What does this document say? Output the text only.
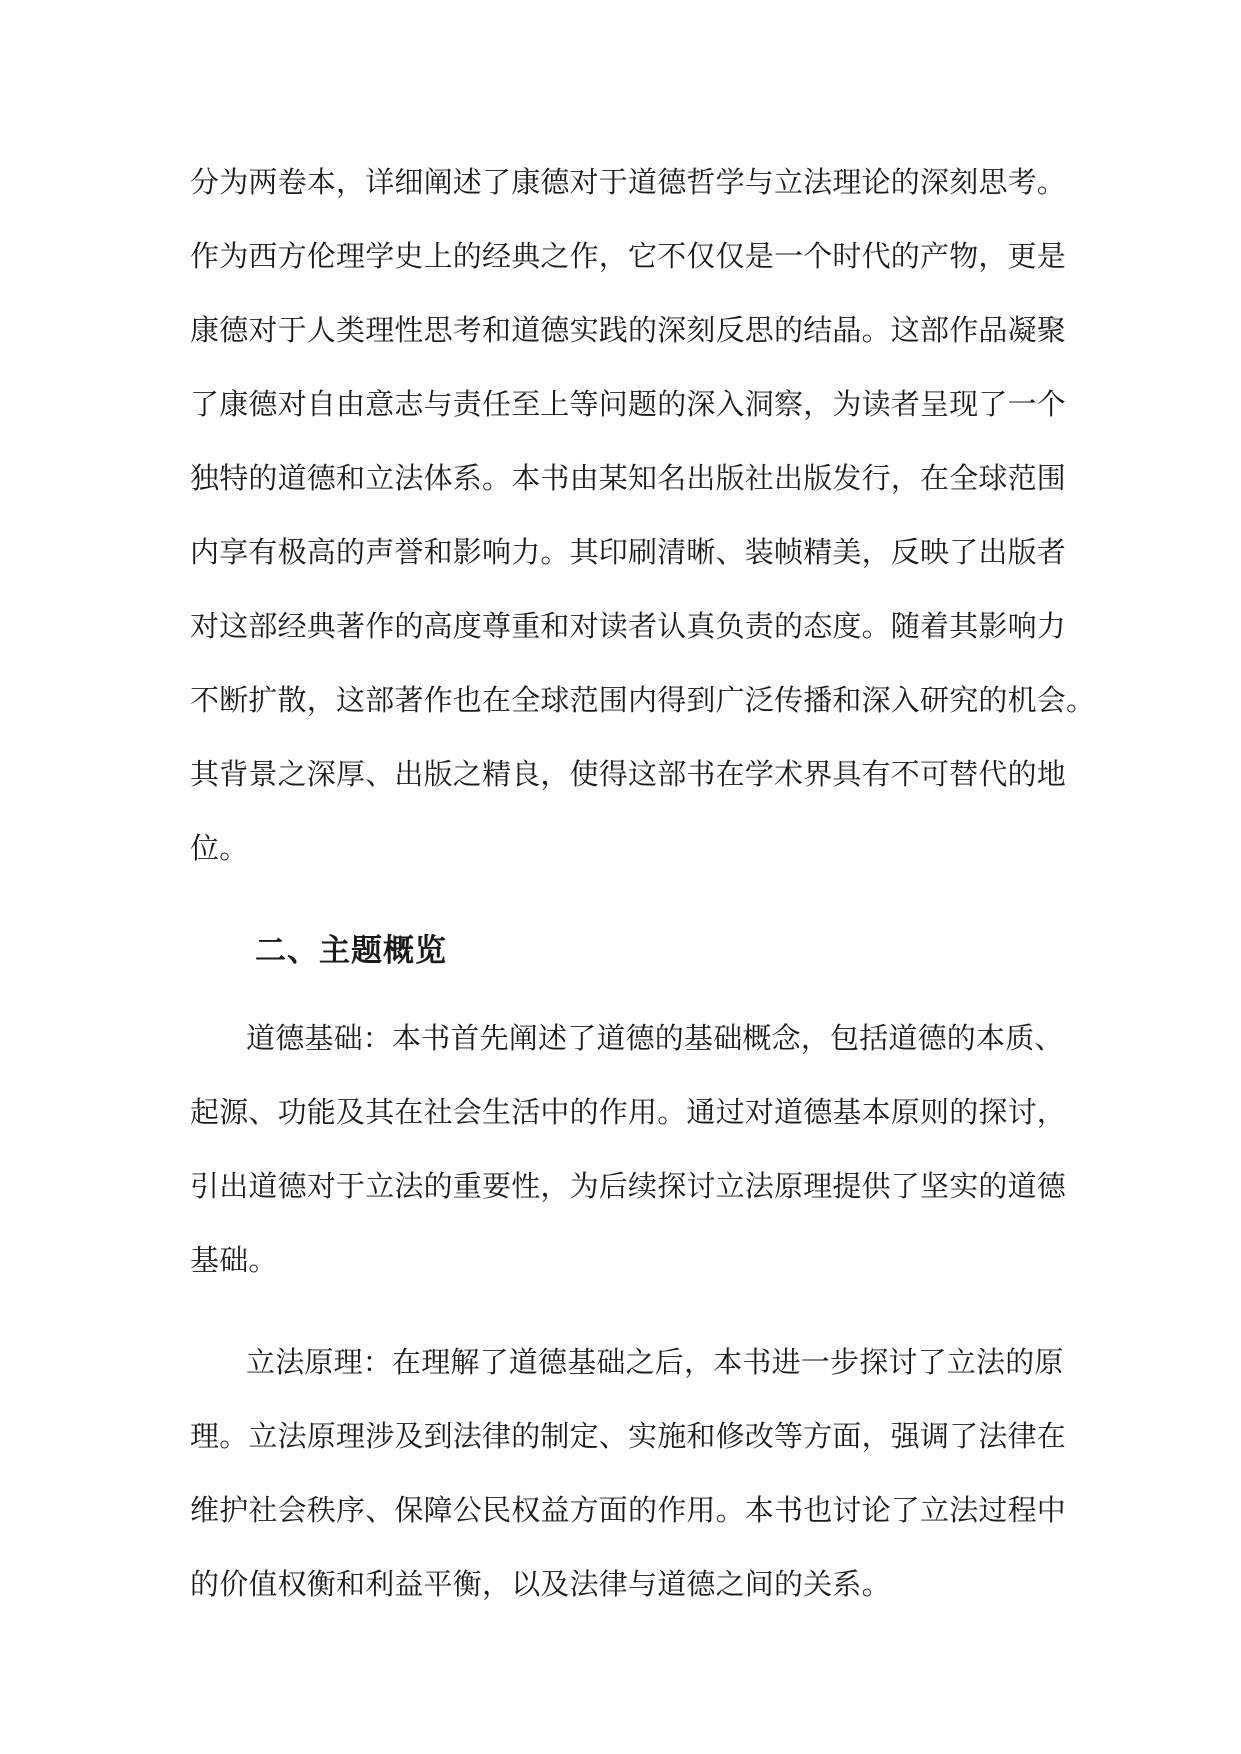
分为两卷本，详细阐述了康德对于道德哲学与立法理论的深刻思考。
作为西方伦理学史上的经典之作，它不仅仅是一个时代的产物，更是
康德对于人类理性思考和道德实践的深刻反思的结晶。这部作品凝聚
了康德对自由意志与责任至上等问题的深入洞察，为读者呈现了一个
独特的道德和立法体系。本书由某知名出版社出版发行，在全球范围
内享有极高的声誉和影响力。其印刷清晰、装帧精美，反映了出版者
对这部经典著作的高度尊重和对读者认真负责的态度。随着其影响力
不断扩散，这部著作也在全球范围内得到广泛传播和深入研究的机会。
其背景之深厚、出版之精良，使得这部书在学术界具有不可替代的地
位。
二、主题概览
道德基础：本书首先阐述了道德的基础概念，包括道德的本质、
起源、功能及其在社会生活中的作用。通过对道德基本原则的探讨，
引出道德对于立法的重要性，为后续探讨立法原理提供了坚实的道德
基础。
立法原理：在理解了道德基础之后，本书进一步探讨了立法的原
理。立法原理涉及到法律的制定、实施和修改等方面，强调了法律在
维护社会秩序、保障公民权益方面的作用。本书也讨论了立法过程中
的价值权衡和利益平衡，以及法律与道德之间的关系。
